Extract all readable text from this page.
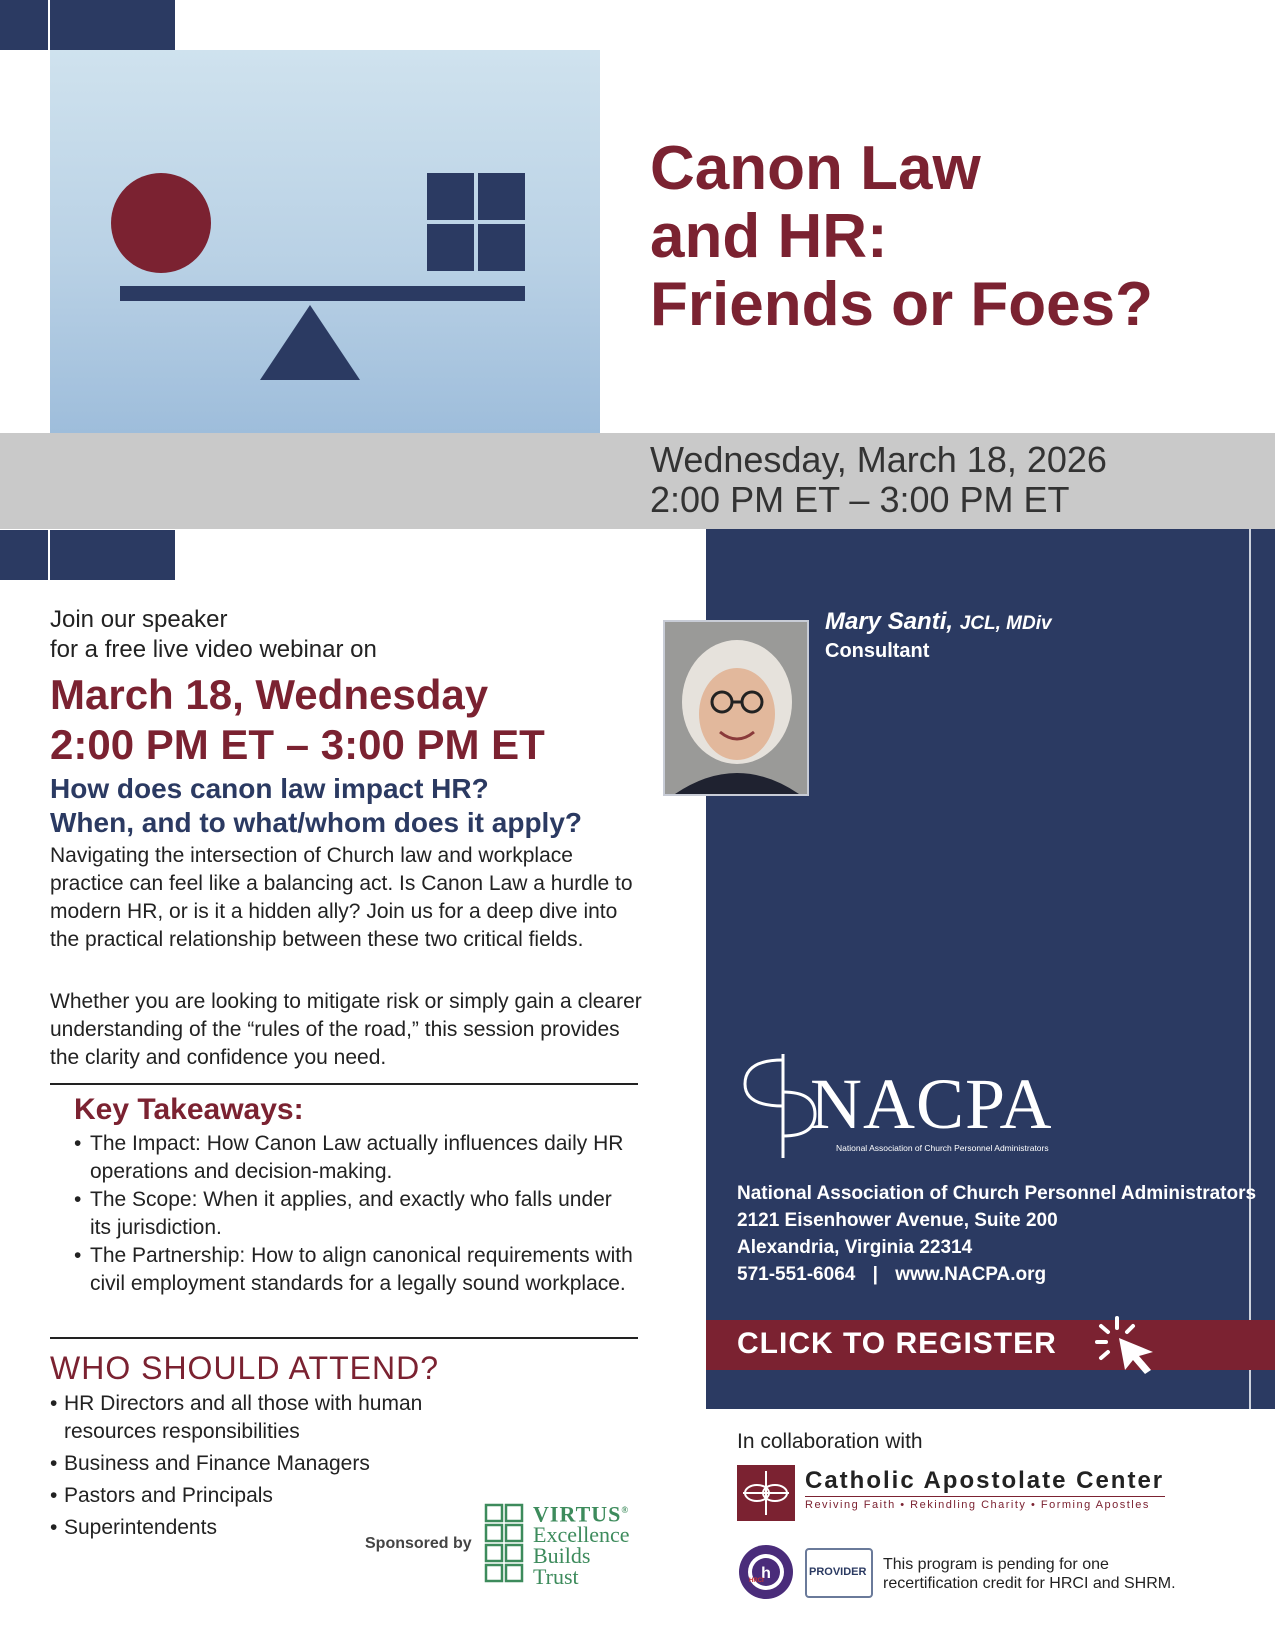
Canon Law
and HR:
Friends or Foes?
Wednesday, March 18, 2026
2:00 PM ET – 3:00 PM ET
Join our speaker
for a free live video webinar on
March 18, Wednesday
2:00 PM ET – 3:00 PM ET
How does canon law impact HR?
When, and to what/whom does it apply?
Navigating the intersection of Church law and workplace practice can feel like a balancing act. Is Canon Law a hurdle to modern HR, or is it a hidden ally? Join us for a deep dive into the practical relationship between these two critical fields.
Whether you are looking to mitigate risk or simply gain a clearer understanding of the “rules of the road,” this session provides the clarity and confidence you need.
Key Takeaways:
• The Impact: How Canon Law actually influences daily HR operations and decision-making.
• The Scope: When it applies, and exactly who falls under its jurisdiction.
• The Partnership: How to align canonical requirements with civil employment standards for a legally sound workplace.
WHO SHOULD ATTEND?
• HR Directors and all those with human resources responsibilities
• Business and Finance Managers
• Pastors and Principals
• Superintendents
Sponsored by
VIRTUS®
Excellence
Builds
Trust
Mary Santi, JCL, MDiv
Consultant
NACPA
National Association of Church Personnel Administrators
National Association of Church Personnel Administrators
2121 Eisenhower Avenue, Suite 200
Alexandria, Virginia 22314
571-551-6064 | www.NACPA.org
CLICK TO REGISTER
In collaboration with
Catholic Apostolate Center
Reviving Faith • Rekindling Charity • Forming Apostles
h
HRCI
PROVIDER This program is pending for one recertification credit for HRCI and SHRM.
